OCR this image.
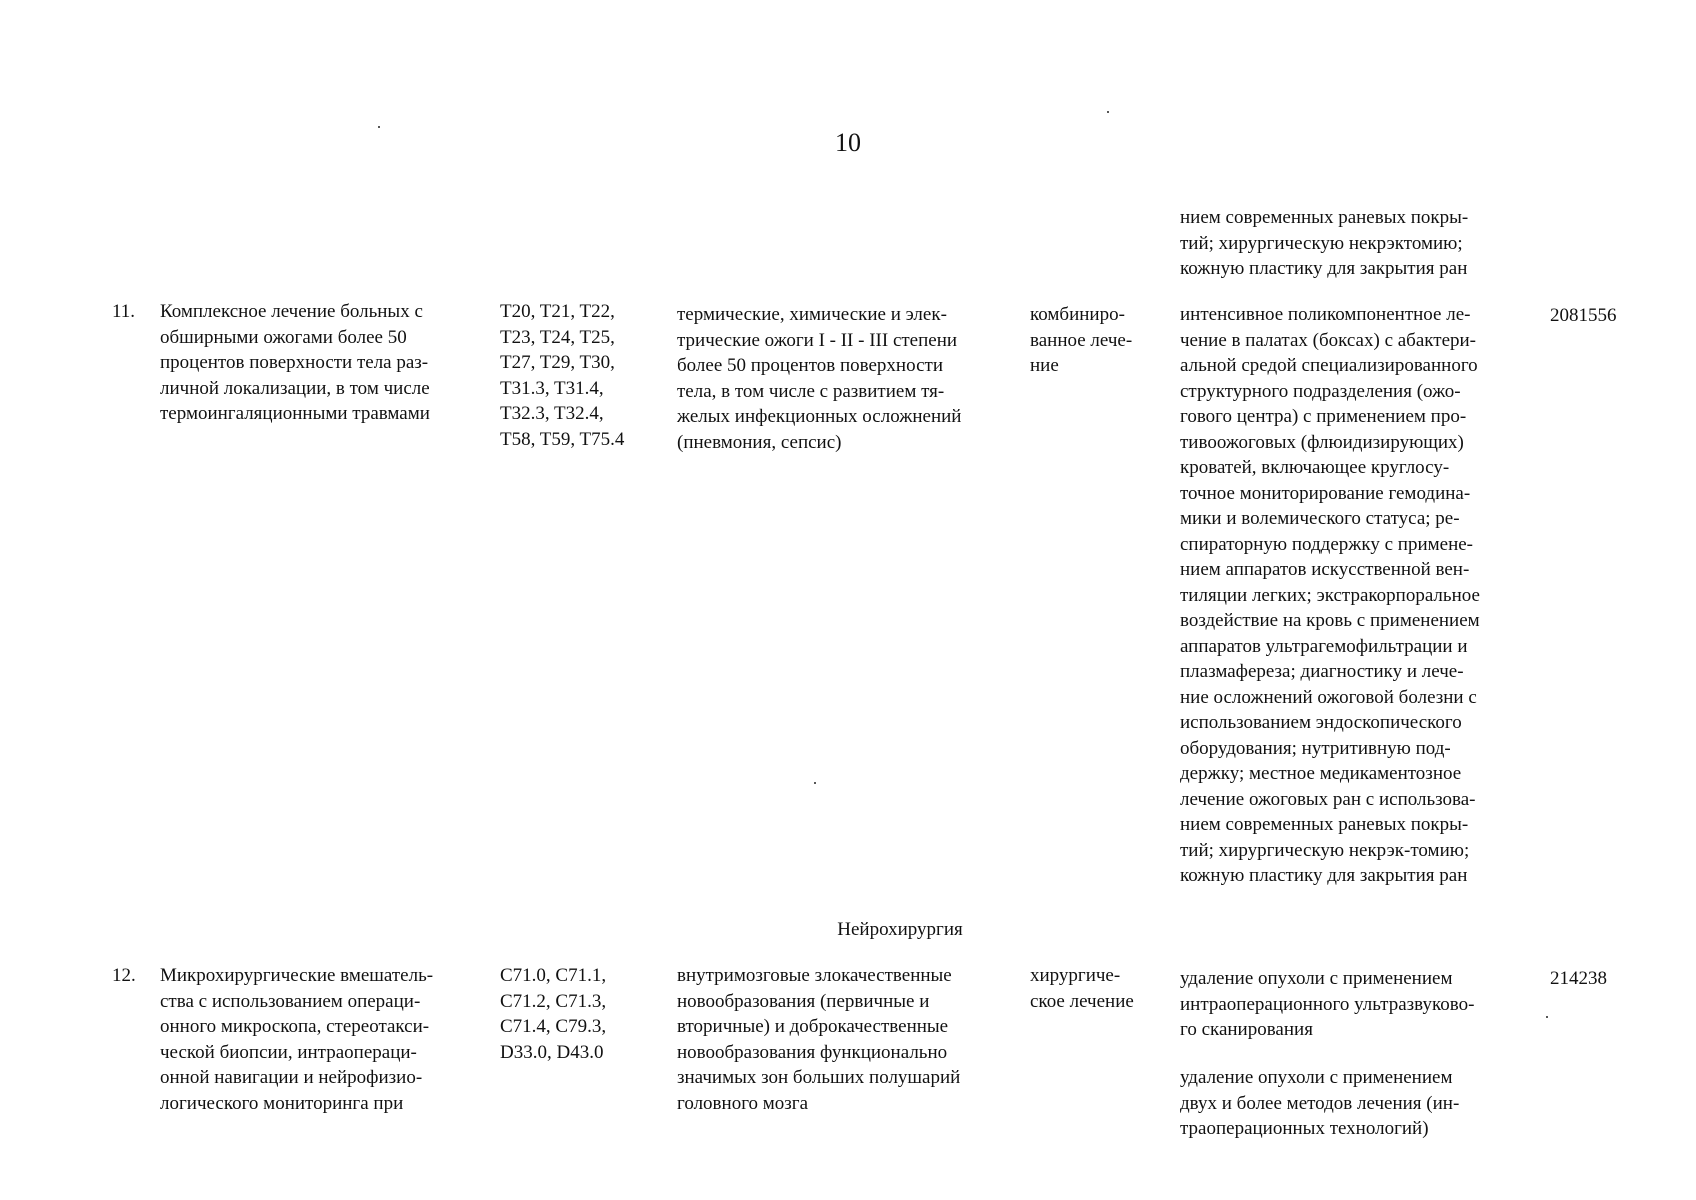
10
нием современных раневых покры-
тий; хирургическую некрэктомию;
кожную пластику для закрытия ран
11. Комплексное лечение больных с
обширными ожогами более 50
процентов поверхности тела раз-
личной локализации, в том числе
термоингаляционными травмами
T20, T21, T22,
T23, T24, T25,
T27, T29, T30,
T31.3, T31.4,
T32.3, T32.4,
T58, T59, T75.4
термические, химические и элек-
трические ожоги I - II - III степени
более 50 процентов поверхности
тела, в том числе с развитием тя-
желых инфекционных осложнений
(пневмония, сепсис)
комбиниро-
ванное лече-
ние
интенсивное поликомпонентное ле-
чение в палатах (боксах) с абактери-
альной средой специализированного
структурного подразделения (ожо-
гового центра) с применением про-
тивоожоговых (флюидизирующих)
кроватей, включающее круглосу-
точное мониторирование гемодина-
мики и волемического статуса; ре-
спираторную поддержку с примене-
нием аппаратов искусственной вен-
тиляции легких; экстракорпоральное
воздействие на кровь с применением
аппаратов ультрагемофильтрации и
плазмафереза; диагностику и лече-
ние осложнений ожоговой болезни с
использованием эндоскопического
оборудования; нутритивную под-
держку; местное медикаментозное
лечение ожоговых ран с использова-
нием современных раневых покры-
тий; хирургическую некрэк-томию;
кожную пластику для закрытия ран
2081556
Нейрохирургия
12. Микрохирургические вмешатель-
ства с использованием операци-
онного микроскопа, стереотакси-
ческой биопсии, интраопераци-
онной навигации и нейрофизио-
логического мониторинга при
C71.0, C71.1,
C71.2, C71.3,
C71.4, C79.3,
D33.0, D43.0
внутримозговые злокачественные
новообразования (первичные и
вторичные) и доброкачественные
новообразования функционально
значимых зон больших полушарий
головного мозга
хирургиче-
ское лечение
удаление опухоли с применением
интраоперационного ультразвуково-
го сканирования
удаление опухоли с применением
двух и более методов лечения (ин-
траоперационных технологий)
214238
